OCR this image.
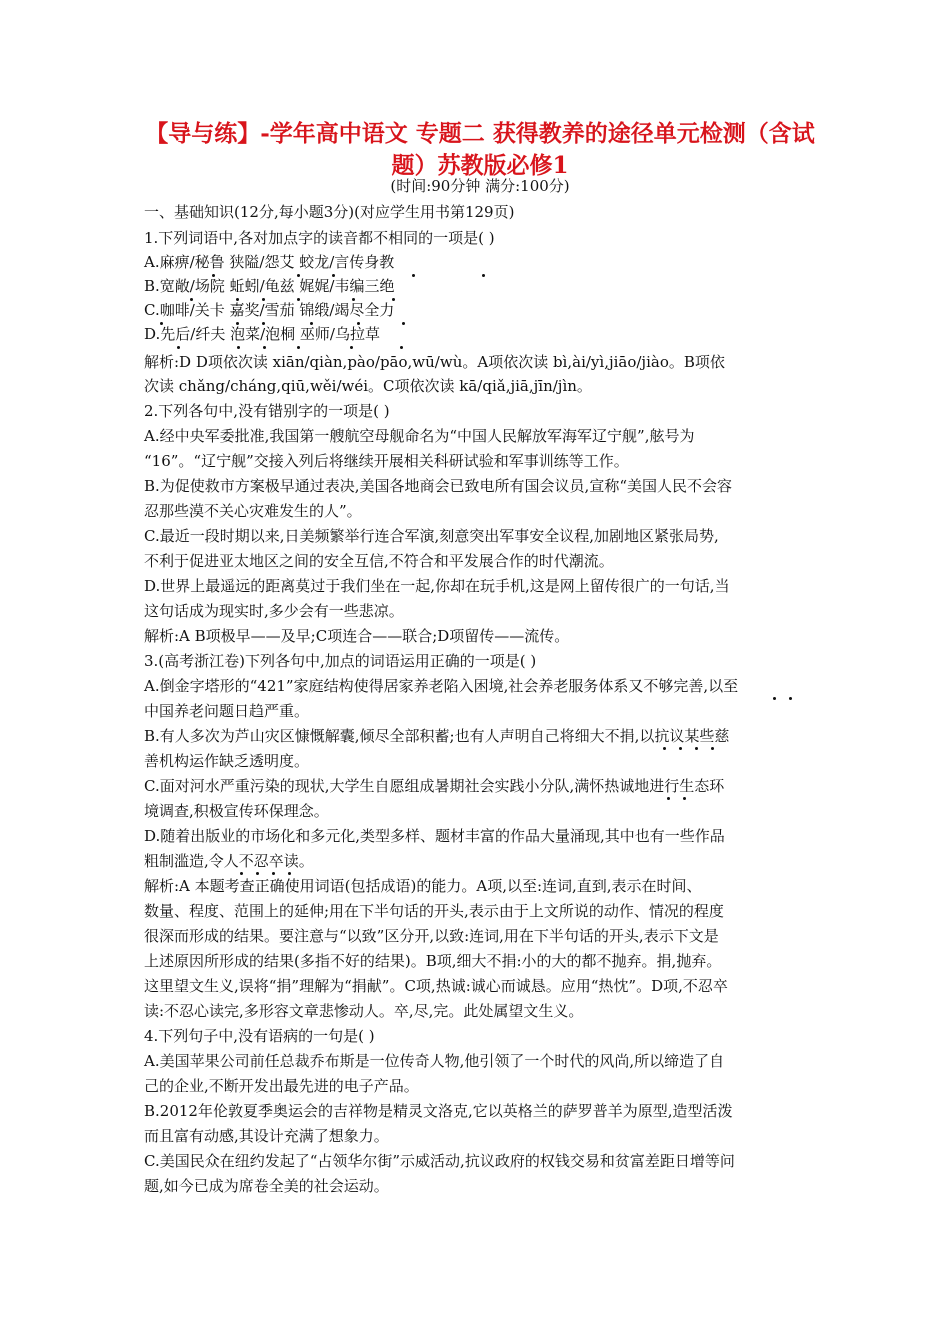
【导与练】-学年高中语文 专题二 获得教养的途径单元检测（含试
题）苏教版必修1
(时间:90分钟 满分:100分)
一、基础知识(12分,每小题3分)(对应学生用书第129页)
1.下列词语中,各对加点字的读音都不相同的一项是( )
A.麻痹/秘鲁 狭隘/怨艾 蛟龙/言传身教
B.宽敞/场院 蚯蚓/龟兹 娓娓/韦编三绝
C.咖啡/关卡 嘉奖/雪茄 锦缎/竭尽全力
D.先后/纤夫 泡菜/泡桐 巫师/乌拉草
解析:D D项依次读 xiān/qiàn,pào/pāo,wū/wù。A项依次读 bì,ài/yì,jiāo/jiào。B项依
次读 chǎng/cháng,qiū,wěi/wéi。C项依次读 kā/qiǎ,jiā,jīn/jìn。
2.下列各句中,没有错别字的一项是( )
A.经中央军委批准,我国第一艘航空母舰命名为“中国人民解放军海军辽宁舰”,舷号为
“16”。“辽宁舰”交接入列后将继续开展相关科研试验和军事训练等工作。
B.为促使救市方案极早通过表决,美国各地商会已致电所有国会议员,宣称“美国人民不会容
忍那些漠不关心灾难发生的人”。
C.最近一段时期以来,日美频繁举行连合军演,刻意突出军事安全议程,加剧地区紧张局势,
不利于促进亚太地区之间的安全互信,不符合和平发展合作的时代潮流。
D.世界上最遥远的距离莫过于我们坐在一起,你却在玩手机,这是网上留传很广的一句话,当
这句话成为现实时,多少会有一些悲凉。
解析:A B项极早——及早;C项连合——联合;D项留传——流传。
3.(高考浙江卷)下列各句中,加点的词语运用正确的一项是( )
A.倒金字塔形的“421”家庭结构使得居家养老陷入困境,社会养老服务体系又不够完善,以至
中国养老问题日趋严重。
B.有人多次为芦山灾区慷慨解囊,倾尽全部积蓄;也有人声明自己将细大不捐,以抗议某些慈
善机构运作缺乏透明度。
C.面对河水严重污染的现状,大学生自愿组成暑期社会实践小分队,满怀热诚地进行生态环
境调查,积极宣传环保理念。
D.随着出版业的市场化和多元化,类型多样、题材丰富的作品大量涌现,其中也有一些作品
粗制滥造,令人不忍卒读。
解析:A 本题考查正确使用词语(包括成语)的能力。A项,以至:连词,直到,表示在时间、
数量、程度、范围上的延伸;用在下半句话的开头,表示由于上文所说的动作、情况的程度
很深而形成的结果。要注意与“以致”区分开,以致:连词,用在下半句话的开头,表示下文是
上述原因所形成的结果(多指不好的结果)。B项,细大不捐:小的大的都不抛弃。捐,抛弃。
这里望文生义,误将“捐”理解为“捐献”。C项,热诚:诚心而诚恳。应用“热忱”。D项,不忍卒
读:不忍心读完,多形容文章悲惨动人。卒,尽,完。此处属望文生义。
4.下列句子中,没有语病的一句是( )
A.美国苹果公司前任总裁乔布斯是一位传奇人物,他引领了一个时代的风尚,所以缔造了自
己的企业,不断开发出最先进的电子产品。
B.2012年伦敦夏季奥运会的吉祥物是精灵文洛克,它以英格兰的萨罗普羊为原型,造型活泼
而且富有动感,其设计充满了想象力。
C.美国民众在纽约发起了“占领华尔街”示威活动,抗议政府的权钱交易和贫富差距日增等问
题,如今已成为席卷全美的社会运动。
